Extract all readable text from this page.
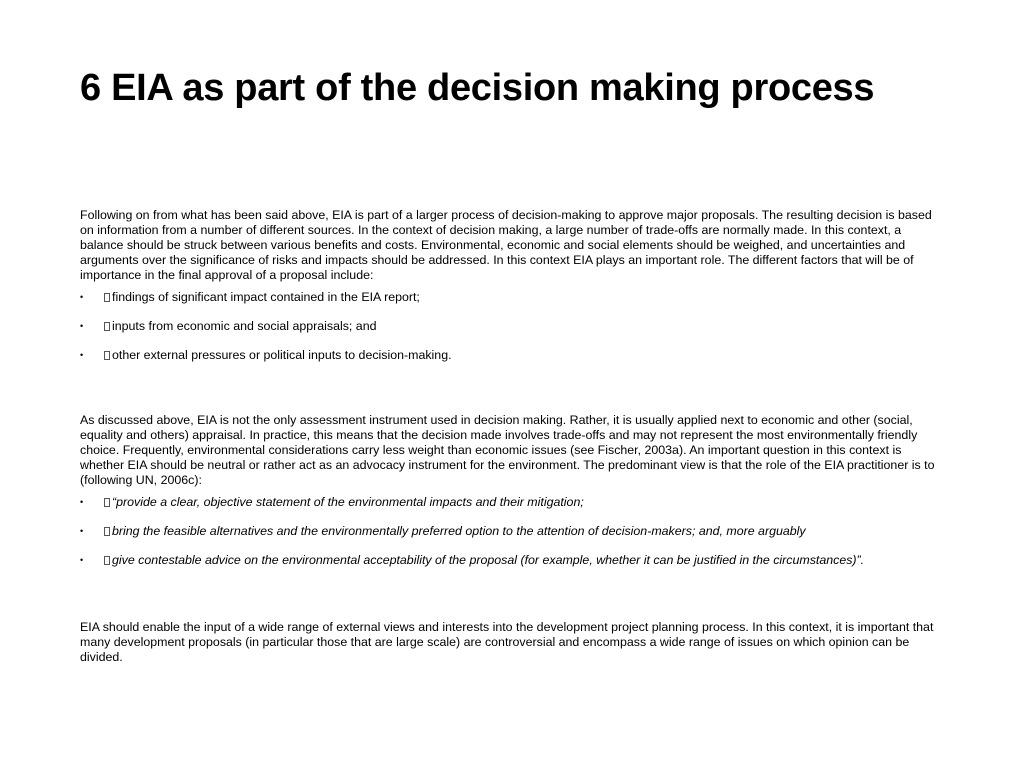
6 EIA as part of the decision making process

Following on from what has been said above, EIA is part of a larger process of decision-making to approve major proposals. The resulting decision is based on information from a number of different sources. In the context of decision making, a large number of trade-offs are normally made. In this context, a balance should be struck between various benefits and costs. Environmental, economic and social elements should be weighed, and uncertainties and arguments over the significance of risks and impacts should be addressed. In this context EIA plays an important role. The different factors that will be of importance in the final approval of a proposal include:

• findings of significant impact contained in the EIA report;
• inputs from economic and social appraisals; and
• other external pressures or political inputs to decision-making.

As discussed above, EIA is not the only assessment instrument used in decision making. Rather, it is usually applied next to economic and other (social, equality and others) appraisal. In practice, this means that the decision made involves trade-offs and may not represent the most environmentally friendly choice. Frequently, environmental considerations carry less weight than economic issues (see Fischer, 2003a). An important question in this context is whether EIA should be neutral or rather act as an advocacy instrument for the environment. The predominant view is that the role of the EIA practitioner is to (following UN, 2006c):

• “provide a clear, objective statement of the environmental impacts and their mitigation;
• bring the feasible alternatives and the environmentally preferred option to the attention of decision-makers; and, more arguably
• give contestable advice on the environmental acceptability of the proposal (for example, whether it can be justified in the circumstances)”.

EIA should enable the input of a wide range of external views and interests into the development project planning process. In this context, it is important that many development proposals (in particular those that are large scale) are controversial and encompass a wide range of issues on which opinion can be divided.
